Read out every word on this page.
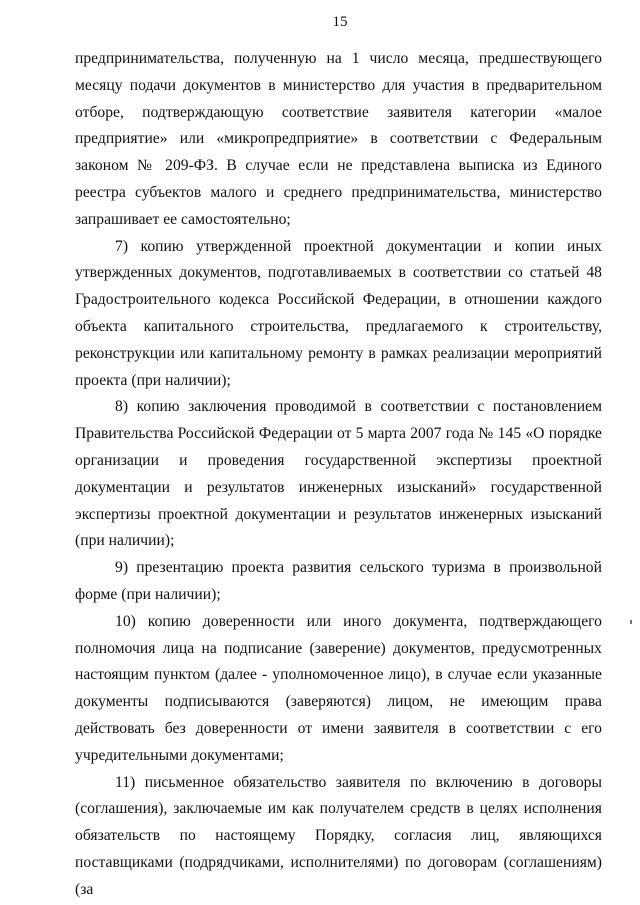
15

предпринимательства, полученную на 1 число месяца, предшествующего месяцу подачи документов в министерство для участия в предварительном отборе, подтверждающую соответствие заявителя категории «малое предприятие» или «микропредприятие» в соответствии с Федеральным законом № 209-ФЗ. В случае если не представлена выписка из Единого реестра субъектов малого и среднего предпринимательства, министерство запрашивает ее самостоятельно;

7) копию утвержденной проектной документации и копии иных утвержденных документов, подготавливаемых в соответствии со статьей 48 Градостроительного кодекса Российской Федерации, в отношении каждого объекта капитального строительства, предлагаемого к строительству, реконструкции или капитальному ремонту в рамках реализации мероприятий проекта (при наличии);

8) копию заключения проводимой в соответствии с постановлением Правительства Российской Федерации от 5 марта 2007 года № 145 «О порядке организации и проведения государственной экспертизы проектной документации и результатов инженерных изысканий» государственной экспертизы проектной документации и результатов инженерных изысканий (при наличии);

9) презентацию проекта развития сельского туризма в произвольной форме (при наличии);

10) копию доверенности или иного документа, подтверждающего полномочия лица на подписание (заверение) документов, предусмотренных настоящим пунктом (далее - уполномоченное лицо), в случае если указанные документы подписываются (заверяются) лицом, не имеющим права действовать без доверенности от имени заявителя в соответствии с его учредительными документами;

11) письменное обязательство заявителя по включению в договоры (соглашения), заключаемые им как получателем средств в целях исполнения обязательств по настоящему Порядку, согласия лиц, являющихся поставщиками (подрядчиками, исполнителями) по договорам (соглашениям) (за
